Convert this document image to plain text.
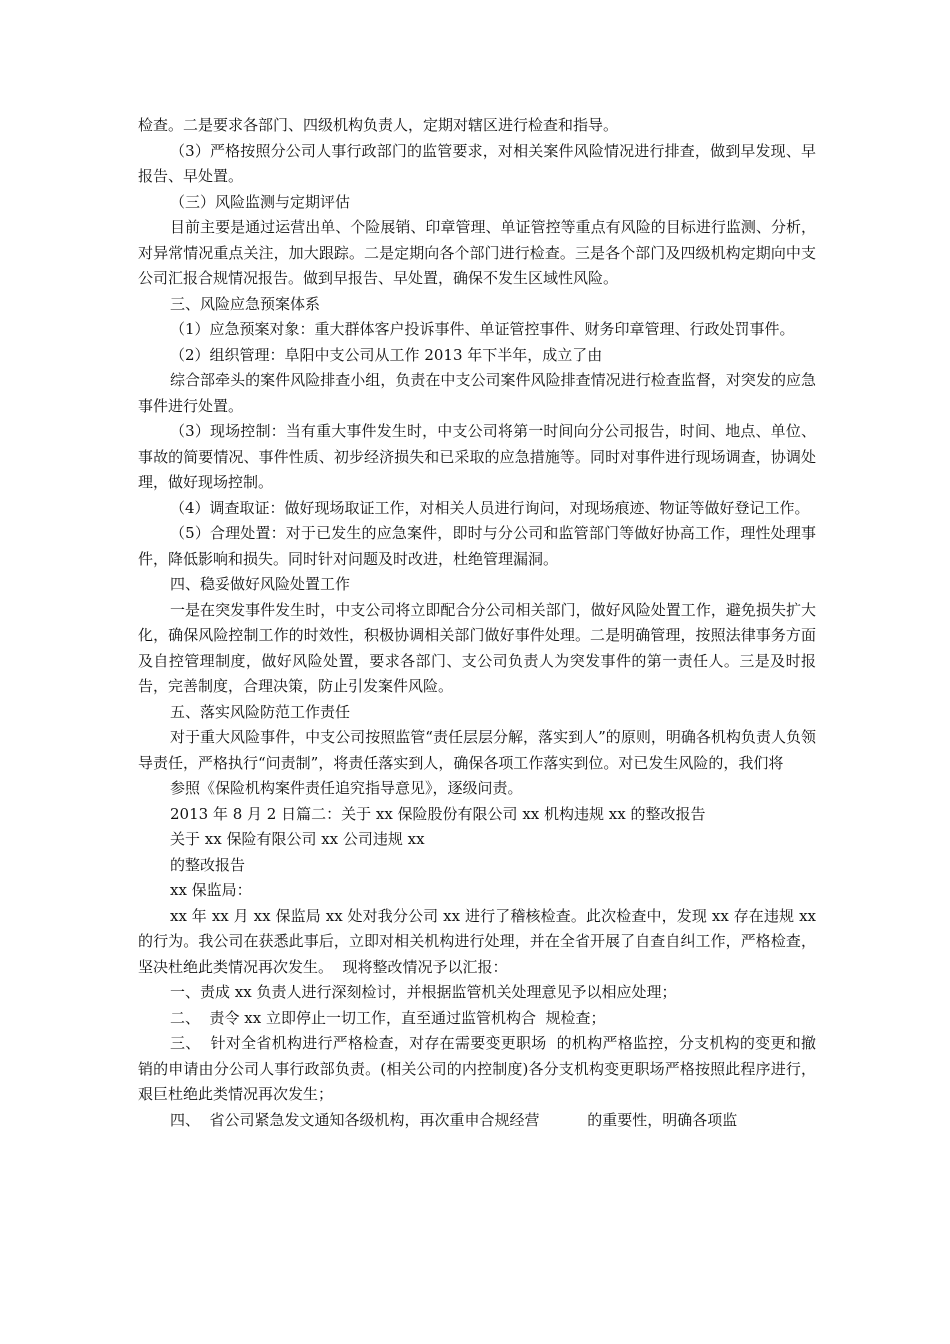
检查。二是要求各部门、四级机构负责人，定期对辖区进行检查和指导。

（3）严格按照分公司人事行政部门的监管要求，对相关案件风险情况进行排查，做到早发现、早报告、早处置。

（三）风险监测与定期评估

目前主要是通过运营出单、个险展销、印章管理、单证管控等重点有风险的目标进行监测、分析，对异常情况重点关注，加大跟踪。二是定期向各个部门进行检查。三是各个部门及四级机构定期向中支公司汇报合规情况报告。做到早报告、早处置，确保不发生区域性风险。

三、风险应急预案体系

（1）应急预案对象：重大群体客户投诉事件、单证管控事件、财务印章管理、行政处罚事件。

（2）组织管理：阜阳中支公司从工作 2013 年下半年，成立了由

综合部牵头的案件风险排查小组，负责在中支公司案件风险排查情况进行检查监督，对突发的应急事件进行处置。

（3）现场控制：当有重大事件发生时，中支公司将第一时间向分公司报告，时间、地点、单位、事故的简要情况、事件性质、初步经济损失和已采取的应急措施等。同时对事件进行现场调查，协调处理，做好现场控制。

（4）调查取证：做好现场取证工作，对相关人员进行询问，对现场痕迹、物证等做好登记工作。

（5）合理处置：对于已发生的应急案件，即时与分公司和监管部门等做好协高工作，理性处理事件，降低影响和损失。同时针对问题及时改进，杜绝管理漏洞。

四、稳妥做好风险处置工作

一是在突发事件发生时，中支公司将立即配合分公司相关部门，做好风险处置工作，避免损失扩大化，确保风险控制工作的时效性，积极协调相关部门做好事件处理。二是明确管理，按照法律事务方面及自控管理制度，做好风险处置，要求各部门、支公司负责人为突发事件的第一责任人。三是及时报告，完善制度，合理决策，防止引发案件风险。

五、落实风险防范工作责任

对于重大风险事件，中支公司按照监管“责任层层分解，落实到人”的原则，明确各机构负责人负领导责任，严格执行“问责制”，将责任落实到人，确保各项工作落实到位。对已发生风险的，我们将

参照《保险机构案件责任追究指导意见》，逐级问责。

2013 年 8 月 2 日篇二：关于 xx 保险股份有限公司 xx 机构违规 xx 的整改报告

关于 xx 保险有限公司 xx 公司违规 xx

的整改报告

xx 保监局：

xx 年 xx 月 xx 保监局 xx 处对我分公司 xx 进行了稽核检查。此次检查中，发现 xx 存在违规 xx 的行为。我公司在获悉此事后，立即对相关机构进行处理，并在全省开展了自查自纠工作，严格检查，坚决杜绝此类情况再次发生。  现将整改情况予以汇报：

一、责成 xx 负责人进行深刻检讨，并根据监管机关处理意见予以相应处理；

二、  责令 xx 立即停止一切工作，直至通过监管机构合  规检查；

三、  针对全省机构进行严格检查，对存在需要变更职场  的机构严格监控，分支机构的变更和撤销的申请由分公司人事行政部负责。(相关公司的内控制度)各分支机构变更职场严格按照此程序进行，艰巨杜绝此类情况再次发生；

四、  省公司紧急发文通知各级机构，再次重申合规经营          的重要性，明确各项监
